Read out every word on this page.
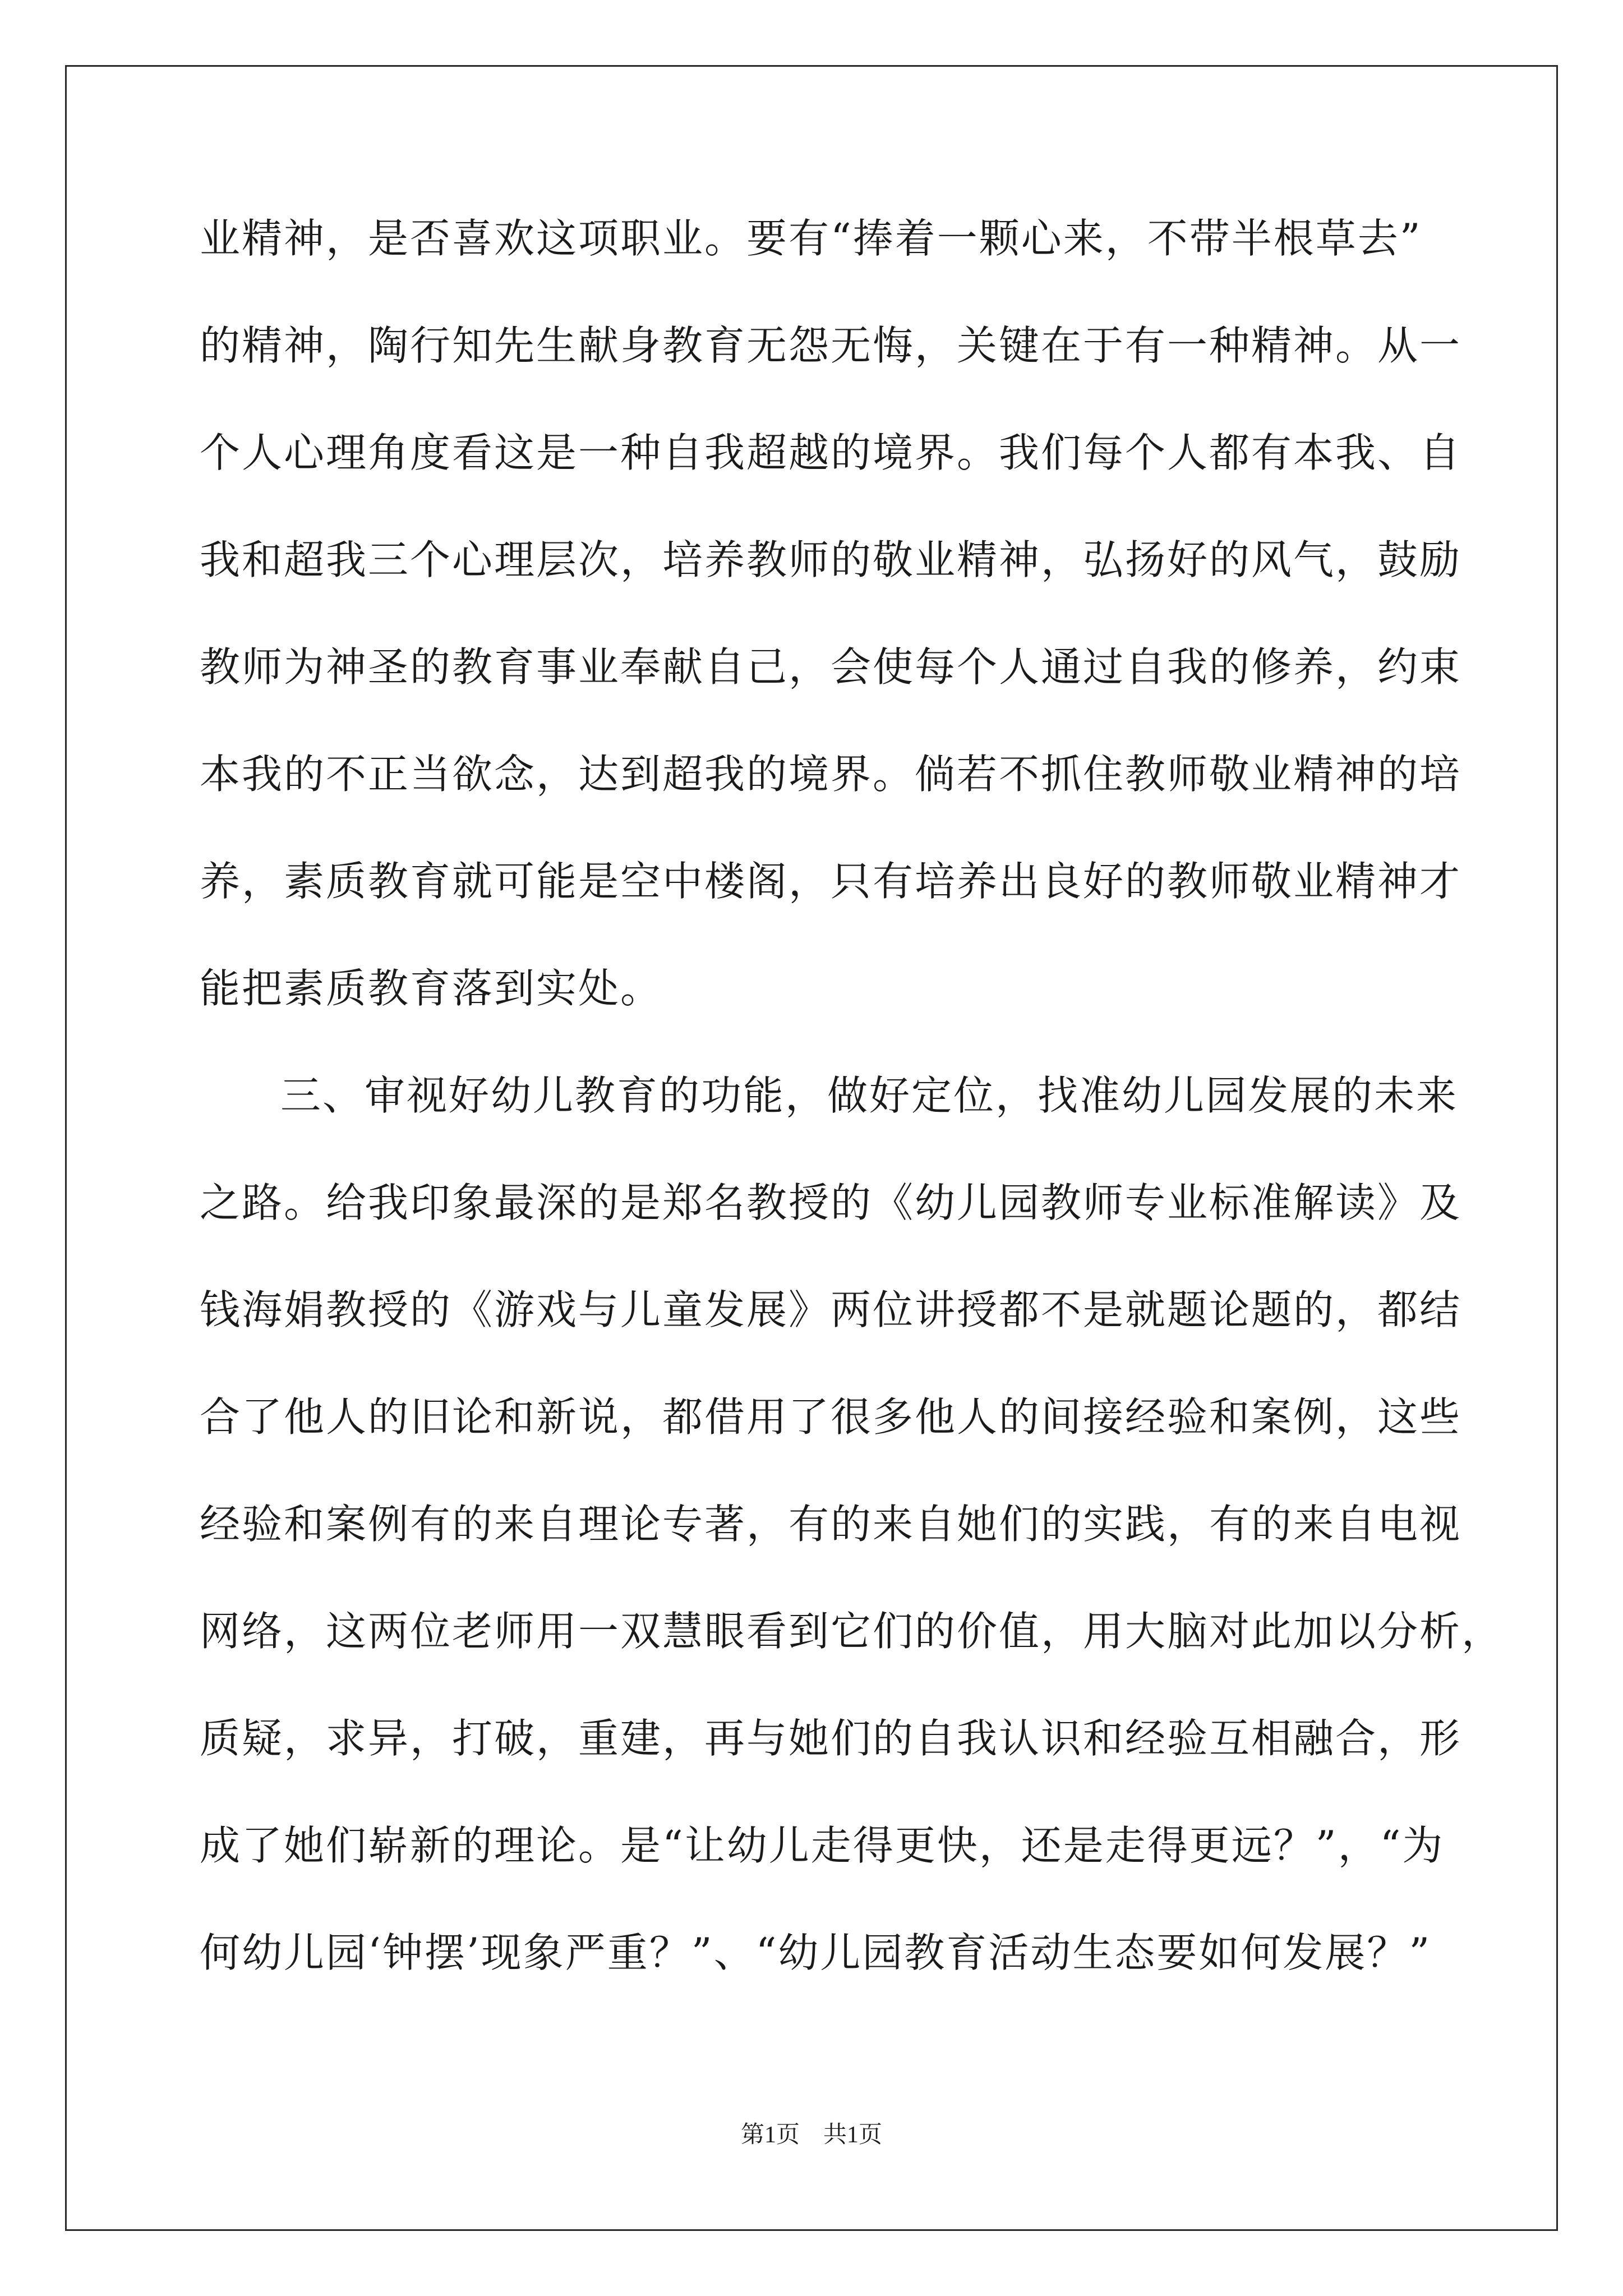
业精神，是否喜欢这项职业。要有“捧着一颗心来，不带半根草去”
的精神，陶行知先生献身教育无怨无悔，关键在于有一种精神。从一
个人心理角度看这是一种自我超越的境界。我们每个人都有本我、自
我和超我三个心理层次，培养教师的敬业精神，弘扬好的风气，鼓励
教师为神圣的教育事业奉献自己，会使每个人通过自我的修养，约束
本我的不正当欲念，达到超我的境界。倘若不抓住教师敬业精神的培
养，素质教育就可能是空中楼阁，只有培养出良好的教师敬业精神才
能把素质教育落到实处。
三、审视好幼儿教育的功能，做好定位，找准幼儿园发展的未来
之路。给我印象最深的是郑名教授的《幼儿园教师专业标准解读》及
钱海娟教授的《游戏与儿童发展》两位讲授都不是就题论题的，都结
合了他人的旧论和新说，都借用了很多他人的间接经验和案例，这些
经验和案例有的来自理论专著，有的来自她们的实践，有的来自电视
网络，这两位老师用一双慧眼看到它们的价值，用大脑对此加以分析，
质疑，求异，打破，重建，再与她们的自我认识和经验互相融合，形
成了她们崭新的理论。是“让幼儿走得更快，还是走得更远？”，“为
何幼儿园‘钟摆’现象严重？”、“幼儿园教育活动生态要如何发展？”
第1页　共1页
